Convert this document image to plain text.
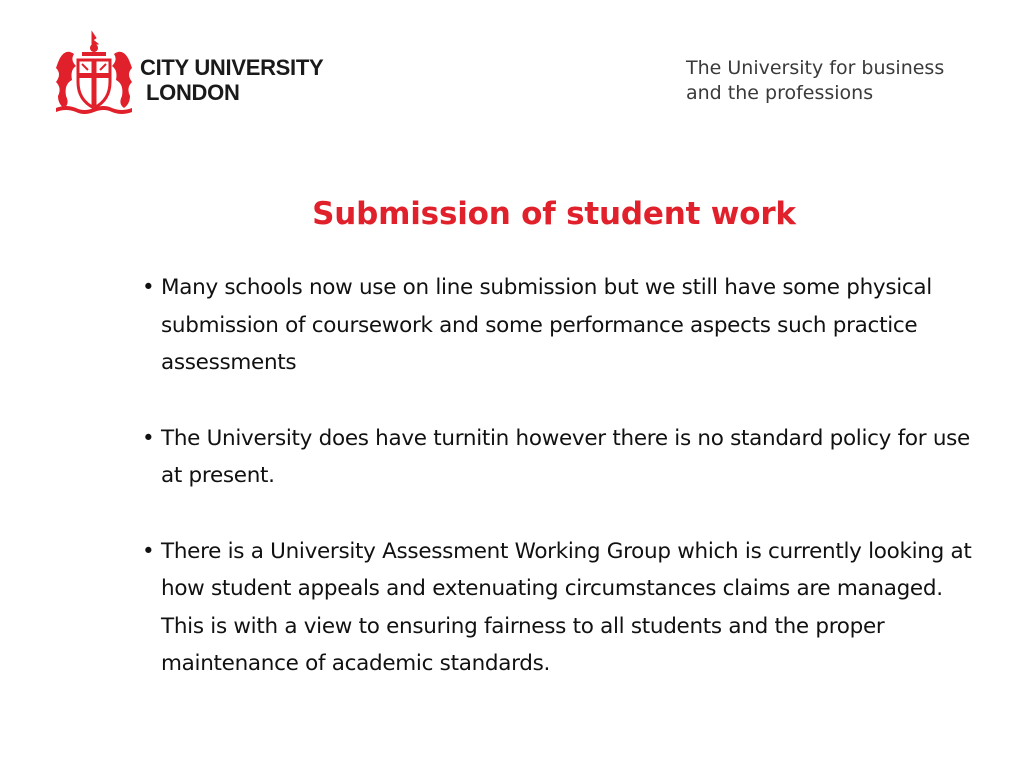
CITY UNIVERSITY
LONDON
The University for business
and the professions
Submission of student work
• Many schools now use on line submission but we still have some physical submission of coursework and some performance aspects such practice assessments
• The University does have turnitin however there is no standard policy for use at present.
• There is a University Assessment Working Group which is currently looking at how student appeals and extenuating circumstances claims are managed. This is with a view to ensuring fairness to all students and the proper maintenance of academic standards.
